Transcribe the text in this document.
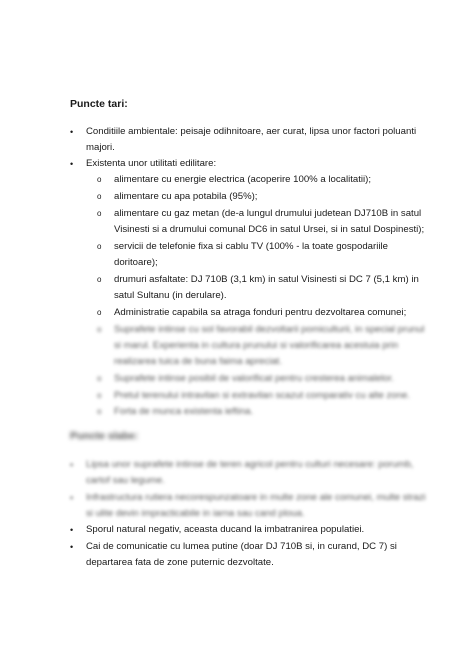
Puncte tari:
• Conditiile ambientale: peisaje odihnitoare, aer curat, lipsa unor factori poluanti
majori.
• Existenta unor utilitati edilitare:
o alimentare cu energie electrica (acoperire 100% a localitatii);
o alimentare cu apa potabila (95%);
o alimentare cu gaz metan (de-a lungul drumului judetean DJ710B in satul
Visinesti si a drumului comunal DC6 in satul Ursei, si in satul Dospinesti);
o servicii de telefonie fixa si cablu TV (100% - la toate gospodariile
doritoare);
o drumuri asfaltate: DJ 710B (3,1 km) in satul Visinesti si DC 7 (5,1 km) in
satul Sultanu (in derulare).
o Administratie capabila sa atraga fonduri pentru dezvoltarea comunei;
o Suprafete intinse cu sol favorabil dezvoltarii pomiculturii, in special prunul
si marul. Experienta in cultura prunului si valorificarea acestuia prin
realizarea tuica de buna faima apreciat.
o Suprafete intinse posibil de valorificat pentru cresterea animalelor.
o Pretul terenului intravilan si extravilan scazut comparativ cu alte zone.
o Forta de munca existenta ieftina.
Puncte slabe:
• Lipsa unor suprafete intinse de teren agricol pentru culturi necesare: porumb,
cartof sau legume.
• Infrastructura rutiera necorespunzatoare in multe zone ale comunei, multe strazi
si ulite devin impracticabile in iarna sau cand ploua.
• Sporul natural negativ, aceasta ducand la imbatranirea populatiei.
• Cai de comunicatie cu lumea putine (doar DJ 710B si, in curand, DC 7) si
departarea fata de zone puternic dezvoltate.
